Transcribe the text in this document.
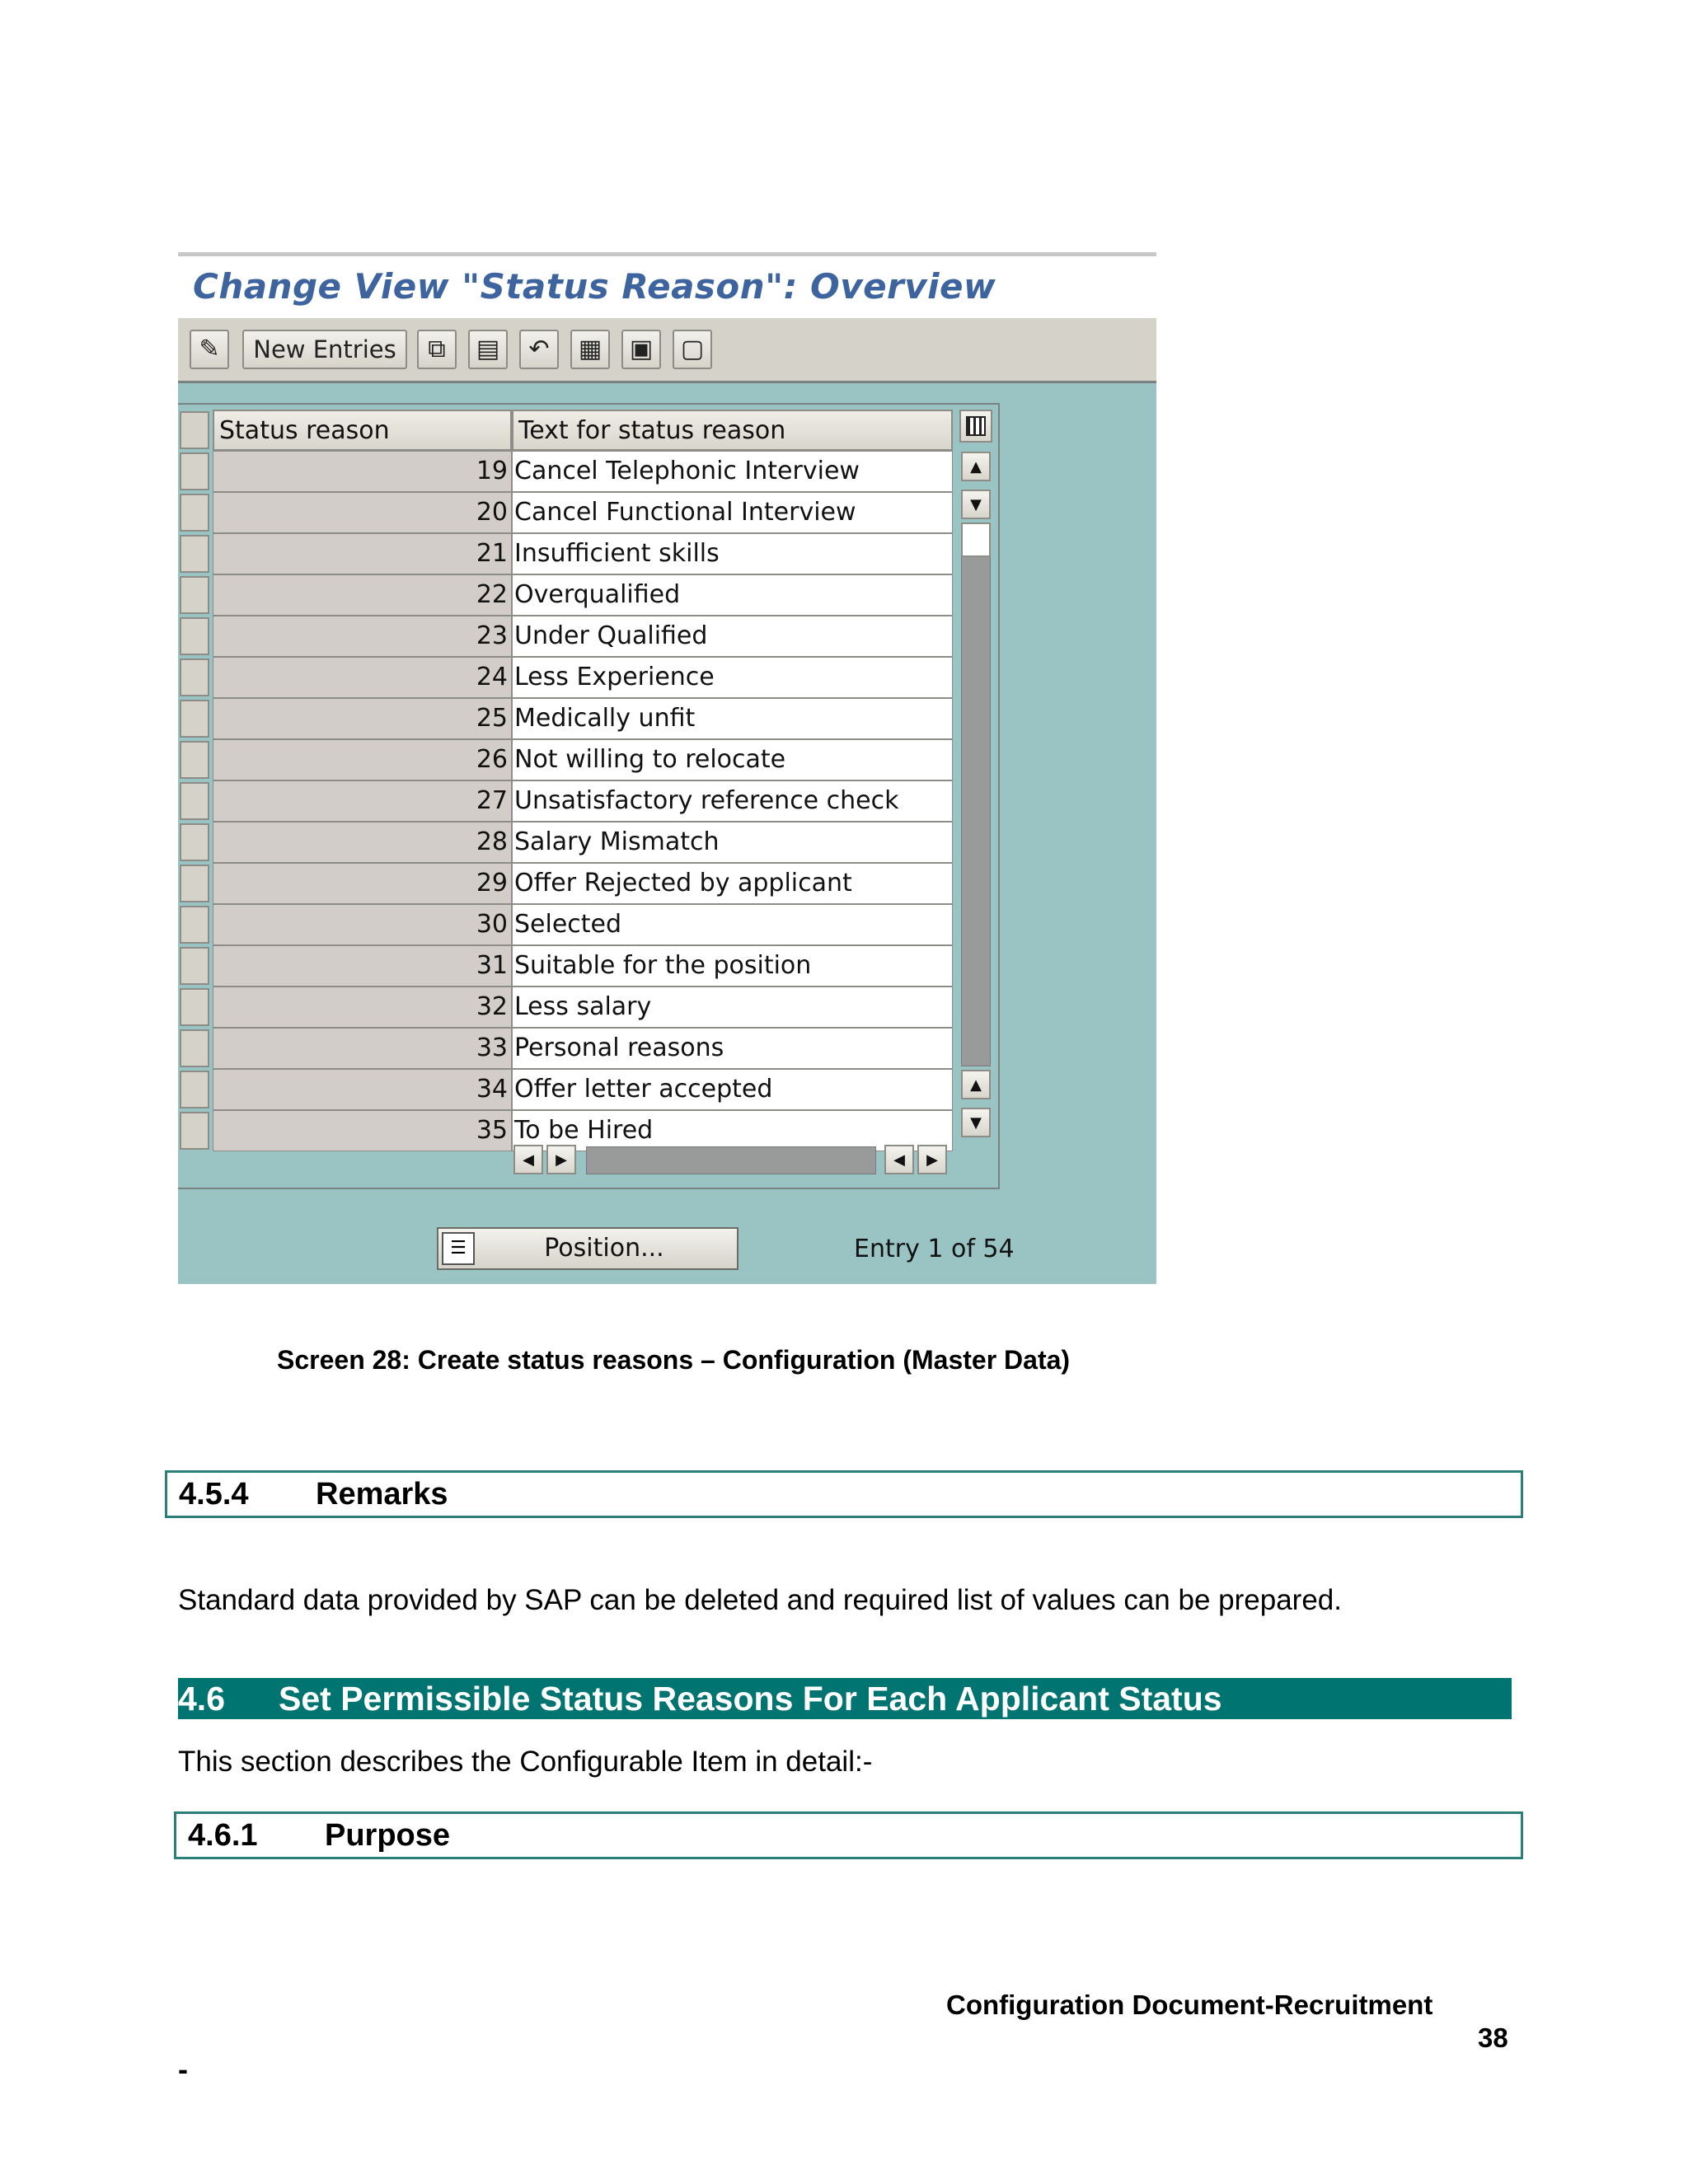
Change View "Status Reason": Overview
✎ New Entries ⧉ ▤ ↶ ▦ ▣ ▢
Status reason	Text for status reason
19 Cancel Telephonic Interview
20 Cancel Functional Interview
21 Insufficient skills
22 Overqualified
23 Under Qualified
24 Less Experience
25 Medically unfit
26 Not willing to relocate
27 Unsatisfactory reference check
28 Salary Mismatch
29 Offer Rejected by applicant
30 Selected
31 Suitable for the position
32 Less salary
33 Personal reasons
34 Offer letter accepted
35 To be Hired
▲
▼
▲
▼
◀ ▶	◀ ▶
☰	Position...	Entry 1 of 54
Screen 28: Create status reasons – Configuration (Master Data)
4.5.4 Remarks
Standard data provided by SAP can be deleted and required list of values can be prepared.
4.6 Set Permissible Status Reasons For Each Applicant Status
This section describes the Configurable Item in detail:-
4.6.1 Purpose
Configuration Document-Recruitment
38
-
